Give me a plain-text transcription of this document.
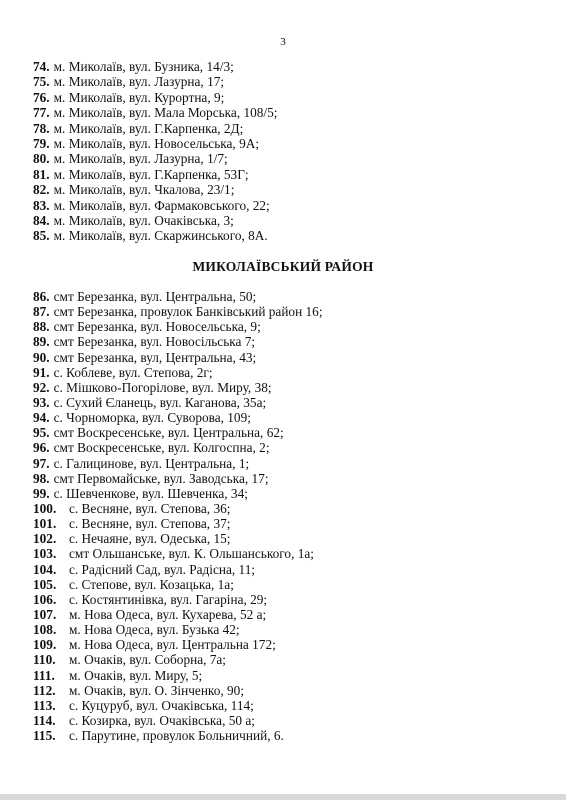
3
74. м. Миколаїв, вул. Бузника, 14/3;
75. м. Миколаїв, вул. Лазурна, 17;
76. м. Миколаїв, вул. Курортна, 9;
77. м. Миколаїв, вул. Мала Морська, 108/5;
78. м. Миколаїв, вул. Г.Карпенка, 2Д;
79. м. Миколаїв, вул. Новосельська, 9А;
80. м. Миколаїв, вул. Лазурна, 1/7;
81. м. Миколаїв, вул. Г.Карпенка, 53Г;
82. м. Миколаїв, вул. Чкалова, 23/1;
83. м. Миколаїв, вул. Фармаковського, 22;
84. м. Миколаїв, вул. Очаківська, 3;
85. м. Миколаїв, вул. Скаржинського, 8А.
МИКОЛАЇВСЬКИЙ РАЙОН
86. смт Березанка, вул. Центральна, 50;
87. смт Березанка, провулок Банківський район 16;
88. смт Березанка, вул. Новосельська, 9;
89. смт Березанка, вул. Новосільська 7;
90. смт Березанка, вул, Центральна, 43;
91. с. Коблеве, вул. Степова, 2г;
92. с. Мішково-Погорілове, вул. Миру, 38;
93. с. Сухий Єланець, вул. Каганова, 35а;
94. с. Чорноморка, вул. Суворова, 109;
95. смт Воскресенське, вул. Центральна, 62;
96. смт Воскресенське, вул. Колгоспна, 2;
97. с. Галицинове, вул. Центральна, 1;
98. смт Первомайське, вул. Заводська, 17;
99. с. Шевченкове, вул. Шевченка, 34;
100. с. Весняне, вул. Степова, 36;
101. с. Весняне, вул. Степова, 37;
102. с. Нечаяне, вул. Одеська, 15;
103. смт Ольшанське, вул. К. Ольшанського, 1а;
104. с. Радісний Сад, вул. Радісна, 11;
105. с. Степове, вул. Козацька, 1а;
106. с. Костянтинівка, вул. Гагаріна, 29;
107. м. Нова Одеса, вул. Кухарева, 52 а;
108. м. Нова Одеса, вул. Бузька 42;
109. м. Нова Одеса, вул. Центральна 172;
110.	м. Очаків, вул. Соборна, 7а;
111.	м. Очаків, вул. Миру, 5;
112.	м. Очаків, вул. О. Зінченко, 90;
113.	с. Куцуруб, вул. Очаківська, 114;
114.	с. Козирка, вул. Очаківська, 50 а;
115.	с. Парутине, провулок Больничний, 6.
